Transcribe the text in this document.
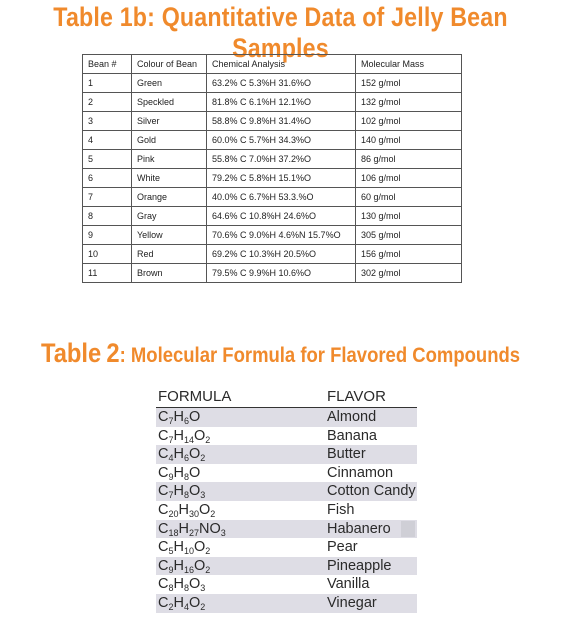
Table 1b: Quantitative Data of Jelly Bean Samples
Bean #	Colour of Bean	Chemical Analysis	Molecular Mass
1	Green	63.2% C 5.3%H 31.6%O	152 g/mol
2	Speckled	81.8% C 6.1%H 12.1%O	132 g/mol
3	Silver	58.8% C 9.8%H 31.4%O	102 g/mol
4	Gold	60.0% C 5.7%H 34.3%O	140 g/mol
5	Pink	55.8% C 7.0%H 37.2%O	86 g/mol
6	White	79.2% C 5.8%H 15.1%O	106 g/mol
7	Orange	40.0% C 6.7%H 53.3.%O	60 g/mol
8	Gray	64.6% C 10.8%H 24.6%O	130 g/mol
9	Yellow	70.6% C 9.0%H 4.6%N 15.7%O	305 g/mol
10	Red	69.2% C 10.3%H 20.5%O	156 g/mol
11	Brown	79.5% C 9.9%H 10.6%O	302 g/mol
Table 2: Molecular Formula for Flavored Compounds
FORMULA	FLAVOR
$C_7H_6O$	Almond
$C_7H_{14}O_2$	Banana
$C_4H_6O_2$	Butter
$C_9H_8O$	Cinnamon
$C_7H_8O_3$	Cotton Candy
$C_{20}H_{30}O_2$	Fish
$C_{18}H_{27}NO_3$	Habanero
$C_5H_{10}O_2$	Pear
$C_9H_{16}O_2$	Pineapple
$C_8H_8O_3$	Vanilla
$C_2H_4O_2$	Vinegar
